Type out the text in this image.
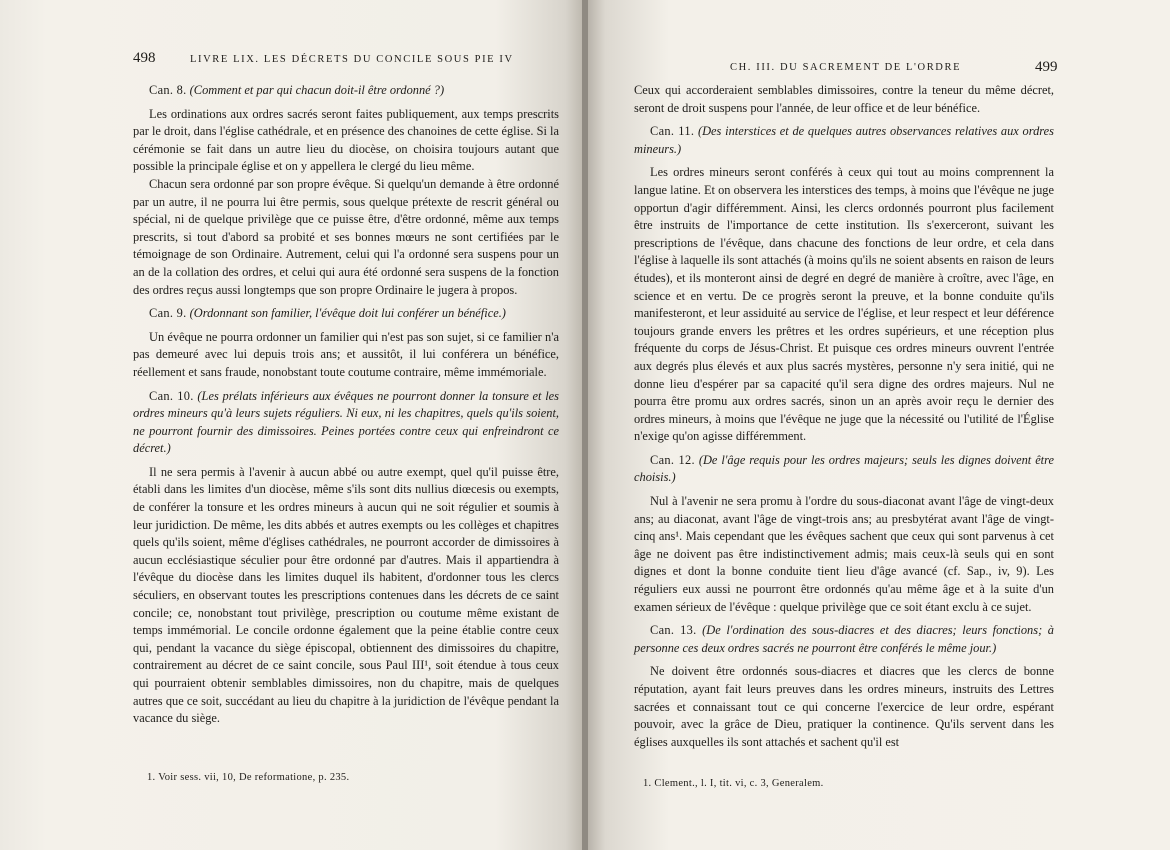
498	LIVRE LIX. LES DÉCRETS DU CONCILE SOUS PIE IV

Can. 8. (Comment et par qui chacun doit-il être ordonné ?)

Les ordinations aux ordres sacrés seront faites publiquement, aux temps prescrits par le droit, dans l'église cathédrale, et en présence des chanoines de cette église. Si la cérémonie se fait dans un autre lieu du diocèse, on choisira toujours autant que possible la principale église et on y appellera le clergé du lieu même.

Chacun sera ordonné par son propre évêque. Si quelqu'un demande à être ordonné par un autre, il ne pourra lui être permis, sous quelque prétexte de rescrit général ou spécial, ni de quelque privilège que ce puisse être, d'être ordonné, même aux temps prescrits, si tout d'abord sa probité et ses bonnes mœurs ne sont certifiées par le témoignage de son Ordinaire. Autrement, celui qui l'a ordonné sera suspens pour un an de la collation des ordres, et celui qui aura été ordonné sera suspens de la fonction des ordres reçus aussi longtemps que son propre Ordinaire le jugera à propos.

Can. 9. (Ordonnant son familier, l'évêque doit lui conférer un bénéfice.)

Un évêque ne pourra ordonner un familier qui n'est pas son sujet, si ce familier n'a pas demeuré avec lui depuis trois ans; et aussitôt, il lui conférera un bénéfice, réellement et sans fraude, nonobstant toute coutume contraire, même immémoriale.

Can. 10. (Les prélats inférieurs aux évêques ne pourront donner la tonsure et les ordres mineurs qu'à leurs sujets réguliers. Ni eux, ni les chapitres, quels qu'ils soient, ne pourront fournir des dimissoires. Peines portées contre ceux qui enfreindront ce décret.)

Il ne sera permis à l'avenir à aucun abbé ou autre exempt, quel qu'il puisse être, établi dans les limites d'un diocèse, même s'ils sont dits nullius diœcesis ou exempts, de conférer la tonsure et les ordres mineurs à aucun qui ne soit régulier et soumis à leur juridiction. De même, les dits abbés et autres exempts ou les collèges et chapitres quels qu'ils soient, même d'églises cathédrales, ne pourront accorder de dimissoires à aucun ecclésiastique séculier pour être ordonné par d'autres. Mais il appartiendra à l'évêque du diocèse dans les limites duquel ils habitent, d'ordonner tous les clercs séculiers, en observant toutes les prescriptions contenues dans les décrets de ce saint concile; ce, nonobstant tout privilège, prescription ou coutume même existant de temps immémorial. Le concile ordonne également que la peine établie contre ceux qui, pendant la vacance du siège épiscopal, obtiennent des dimissoires du chapitre, contrairement au décret de ce saint concile, sous Paul III¹, soit étendue à tous ceux qui pourraient obtenir semblables dimissoires, non du chapitre, mais de quelques autres que ce soit, succédant au lieu du chapitre à la juridiction de l'évêque pendant la vacance du siège.

1. Voir sess. vii, 10, De reformatione, p. 235.
CH. III. DU SACREMENT DE L'ORDRE	499

Ceux qui accorderaient semblables dimissoires, contre la teneur du même décret, seront de droit suspens pour l'année, de leur office et de leur bénéfice.

Can. 11. (Des interstices et de quelques autres observances relatives aux ordres mineurs.)

Les ordres mineurs seront conférés à ceux qui tout au moins comprennent la langue latine. Et on observera les interstices des temps, à moins que l'évêque ne juge opportun d'agir différemment. Ainsi, les clercs ordonnés pourront plus facilement être instruits de l'importance de cette institution. Ils s'exerceront, suivant les prescriptions de l'évêque, dans chacune des fonctions de leur ordre, et cela dans l'église à laquelle ils sont attachés (à moins qu'ils ne soient absents en raison de leurs études), et ils monteront ainsi de degré en degré de manière à croître, avec l'âge, en science et en vertu. De ce progrès seront la preuve, et la bonne conduite qu'ils manifesteront, et leur assiduité au service de l'église, et leur respect et leur déférence toujours grande envers les prêtres et les ordres supérieurs, et une réception plus fréquente du corps de Jésus-Christ. Et puisque ces ordres mineurs ouvrent l'entrée aux degrés plus élevés et aux plus sacrés mystères, personne n'y sera initié, qui ne donne lieu d'espérer par sa capacité qu'il sera digne des ordres majeurs. Nul ne pourra être promu aux ordres sacrés, sinon un an après avoir reçu le dernier des ordres mineurs, à moins que l'évêque ne juge que la nécessité ou l'utilité de l'Église n'exige qu'on agisse différemment.

Can. 12. (De l'âge requis pour les ordres majeurs; seuls les dignes doivent être choisis.)

Nul à l'avenir ne sera promu à l'ordre du sous-diaconat avant l'âge de vingt-deux ans; au diaconat, avant l'âge de vingt-trois ans; au presbytérat avant l'âge de vingt-cinq ans¹. Mais cependant que les évêques sachent que ceux qui sont parvenus à cet âge ne doivent pas être indistinctivement admis; mais ceux-là seuls qui en sont dignes et dont la bonne conduite tient lieu d'âge avancé (cf. Sap., iv, 9). Les réguliers eux aussi ne pourront être ordonnés qu'au même âge et à la suite d'un examen sérieux de l'évêque : quelque privilège que ce soit étant exclu à ce sujet.

Can. 13. (De l'ordination des sous-diacres et des diacres; leurs fonctions; à personne ces deux ordres sacrés ne pourront être conférés le même jour.)

Ne doivent être ordonnés sous-diacres et diacres que les clercs de bonne réputation, ayant fait leurs preuves dans les ordres mineurs, instruits des Lettres sacrées et connaissant tout ce qui concerne l'exercice de leur ordre, espérant pouvoir, avec la grâce de Dieu, pratiquer la continence. Qu'ils servent dans les églises auxquelles ils sont attachés et sachent qu'il est

1. Clement., l. I, tit. vi, c. 3, Generalem.
